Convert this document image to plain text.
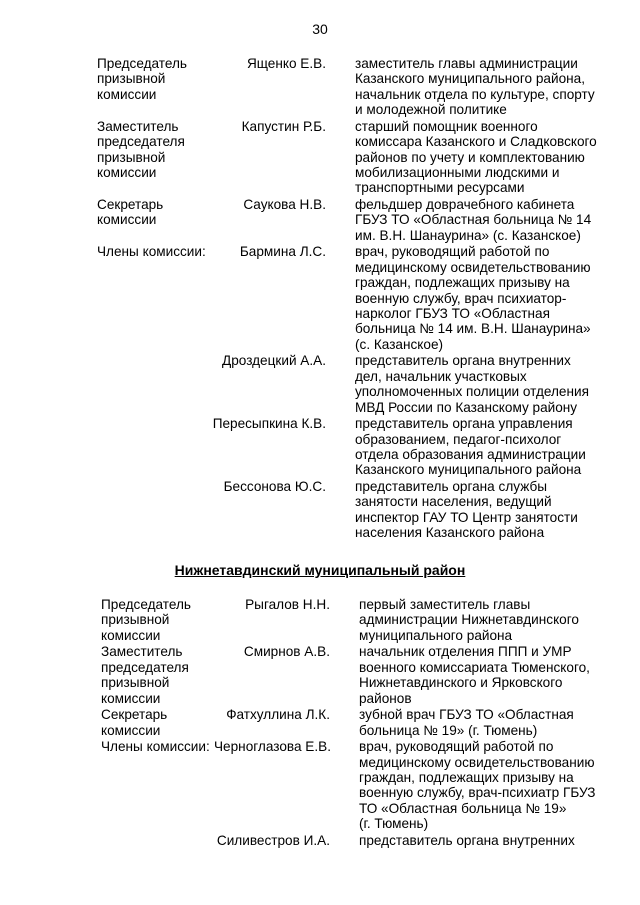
30
Председатель
призывной
комиссии
Ященко Е.В. заместитель главы администрации
Казанского муниципального района,
начальник отдела по культуре, спорту
и молодежной политике
Заместитель
председателя
призывной
комиссии
Капустин Р.Б. старший помощник военного
комиссара Казанского и Сладковского
районов по учету и комплектованию
мобилизационными людскими и
транспортными ресурсами
Секретарь
комиссии
Саукова Н.В. фельдшер доврачебного кабинета
ГБУЗ ТО «Областная больница № 14
им. В.Н. Шанаурина» (с. Казанское)
Члены комиссии:	Бармина Л.С. врач, руководящий работой по
медицинскому освидетельствованию
граждан, подлежащих призыву на
военную службу, врач психиатор-
нарколог ГБУЗ ТО «Областная
больница № 14 им. В.Н. Шанаурина»
(с. Казанское)
Дроздецкий А.А. представитель органа внутренних
дел, начальник участковых
уполномоченных полиции отделения
МВД России по Казанскому району
Пересыпкина К.В. представитель органа управления
образованием, педагог-психолог
отдела образования администрации
Казанского муниципального района
Бессонова Ю.С. представитель органа службы
занятости населения, ведущий
инспектор ГАУ ТО Центр занятости
населения Казанского района
Нижнетавдинский муниципальный район
Председатель
призывной
комиссии
Рыгалов Н.Н. первый заместитель главы
администрации Нижнетавдинского
муниципального района
Заместитель
председателя
призывной
комиссии
Смирнов А.В. начальник отделения ППП и УМР
военного комиссариата Тюменского,
Нижнетавдинского и Ярковского
районов
Секретарь
комиссии
Фатхуллина Л.К. зубной врач ГБУЗ ТО «Областная
больница № 19» (г. Тюмень)
Члены комиссии: Черноглазова Е.В. врач, руководящий работой по
медицинскому освидетельствованию
граждан, подлежащих призыву на
военную службу, врач-психиатр ГБУЗ
ТО «Областная больница № 19»
(г. Тюмень)
Силивестров И.А. представитель органа внутренних
